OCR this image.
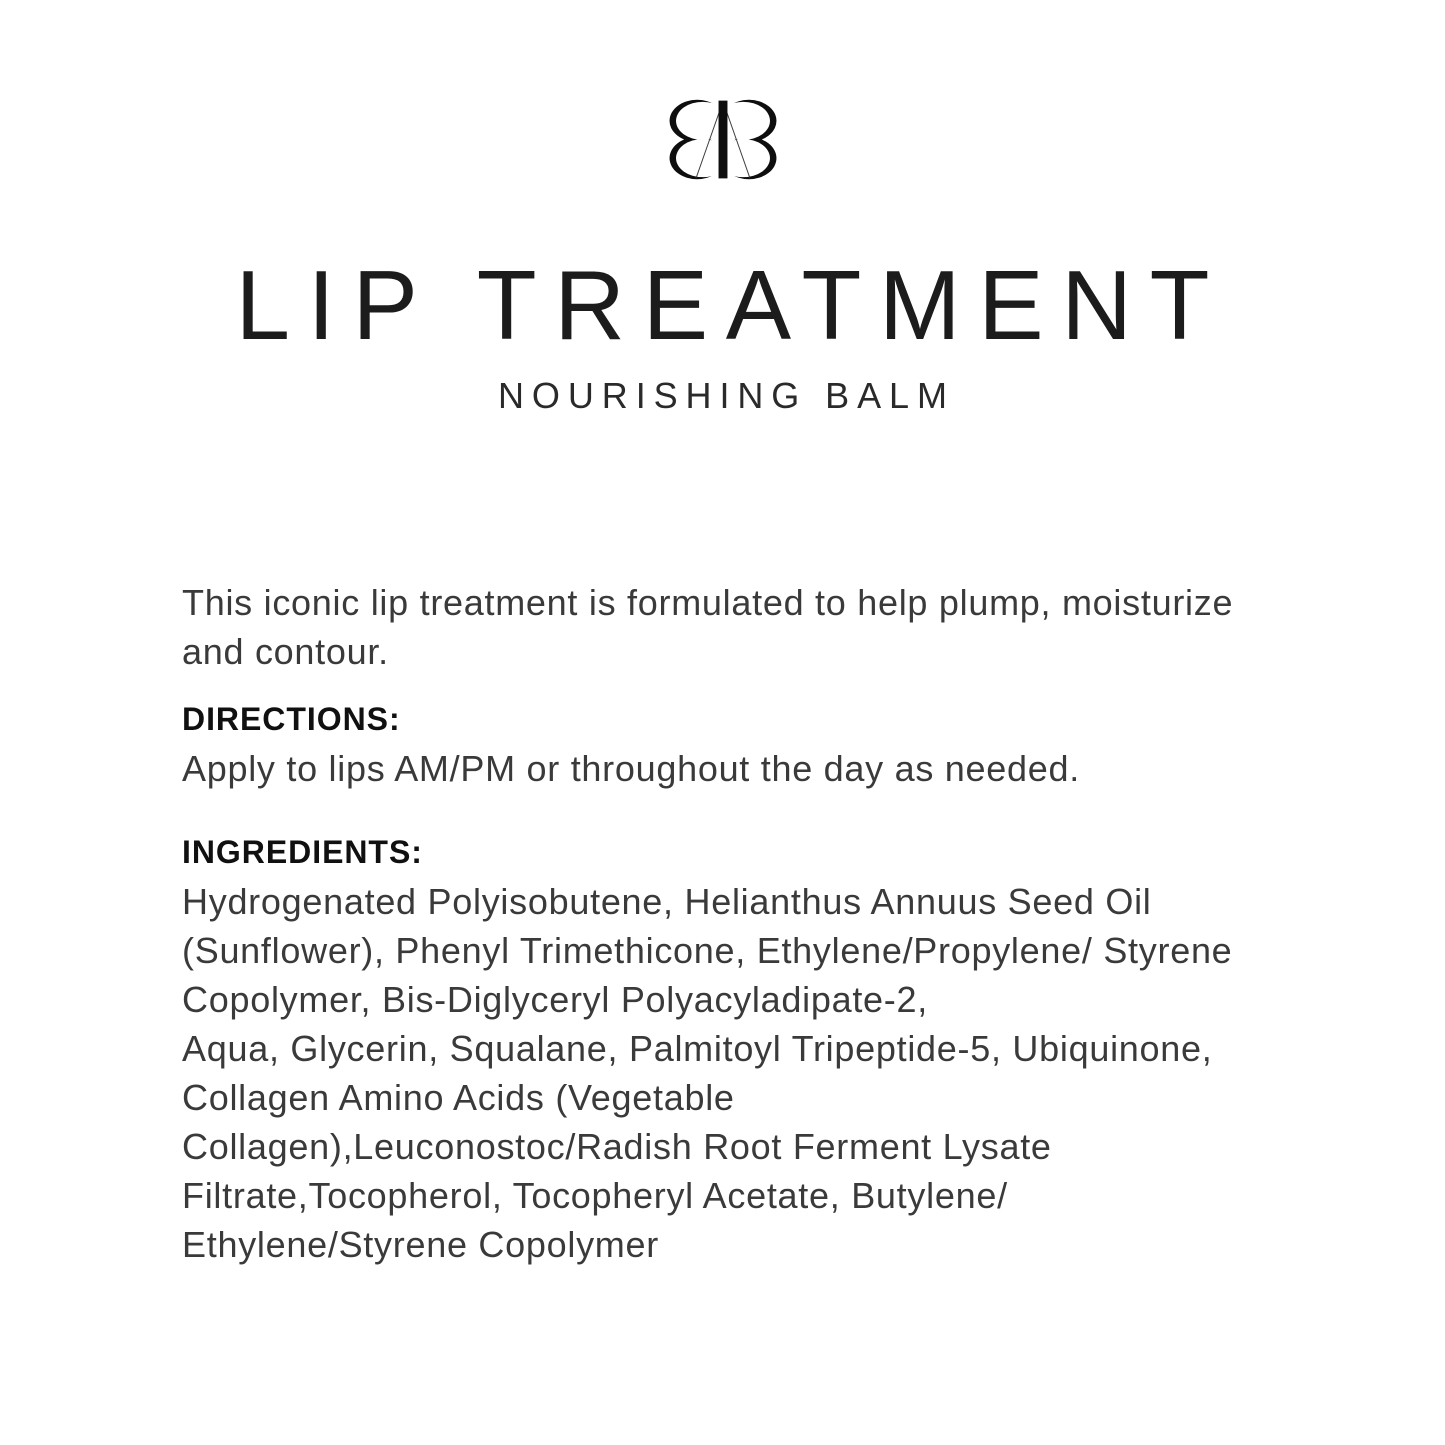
LIP TREATMENT
NOURISHING BALM

This iconic lip treatment is formulated to help plump, moisturize
and contour.

DIRECTIONS:
Apply to lips AM/PM or throughout the day as needed.
INGREDIENTS:
Hydrogenated Polyisobutene, Helianthus Annuus Seed Oil
(Sunflower), Phenyl Trimethicone, Ethylene/Propylene/ Styrene
Copolymer, Bis-Diglyceryl Polyacyladipate-2,
Aqua, Glycerin, Squalane, Palmitoyl Tripeptide-5, Ubiquinone,
Collagen Amino Acids (Vegetable
Collagen),Leuconostoc/Radish Root Ferment Lysate
Filtrate,Tocopherol, Tocopheryl Acetate, Butylene/
Ethylene/Styrene Copolymer
